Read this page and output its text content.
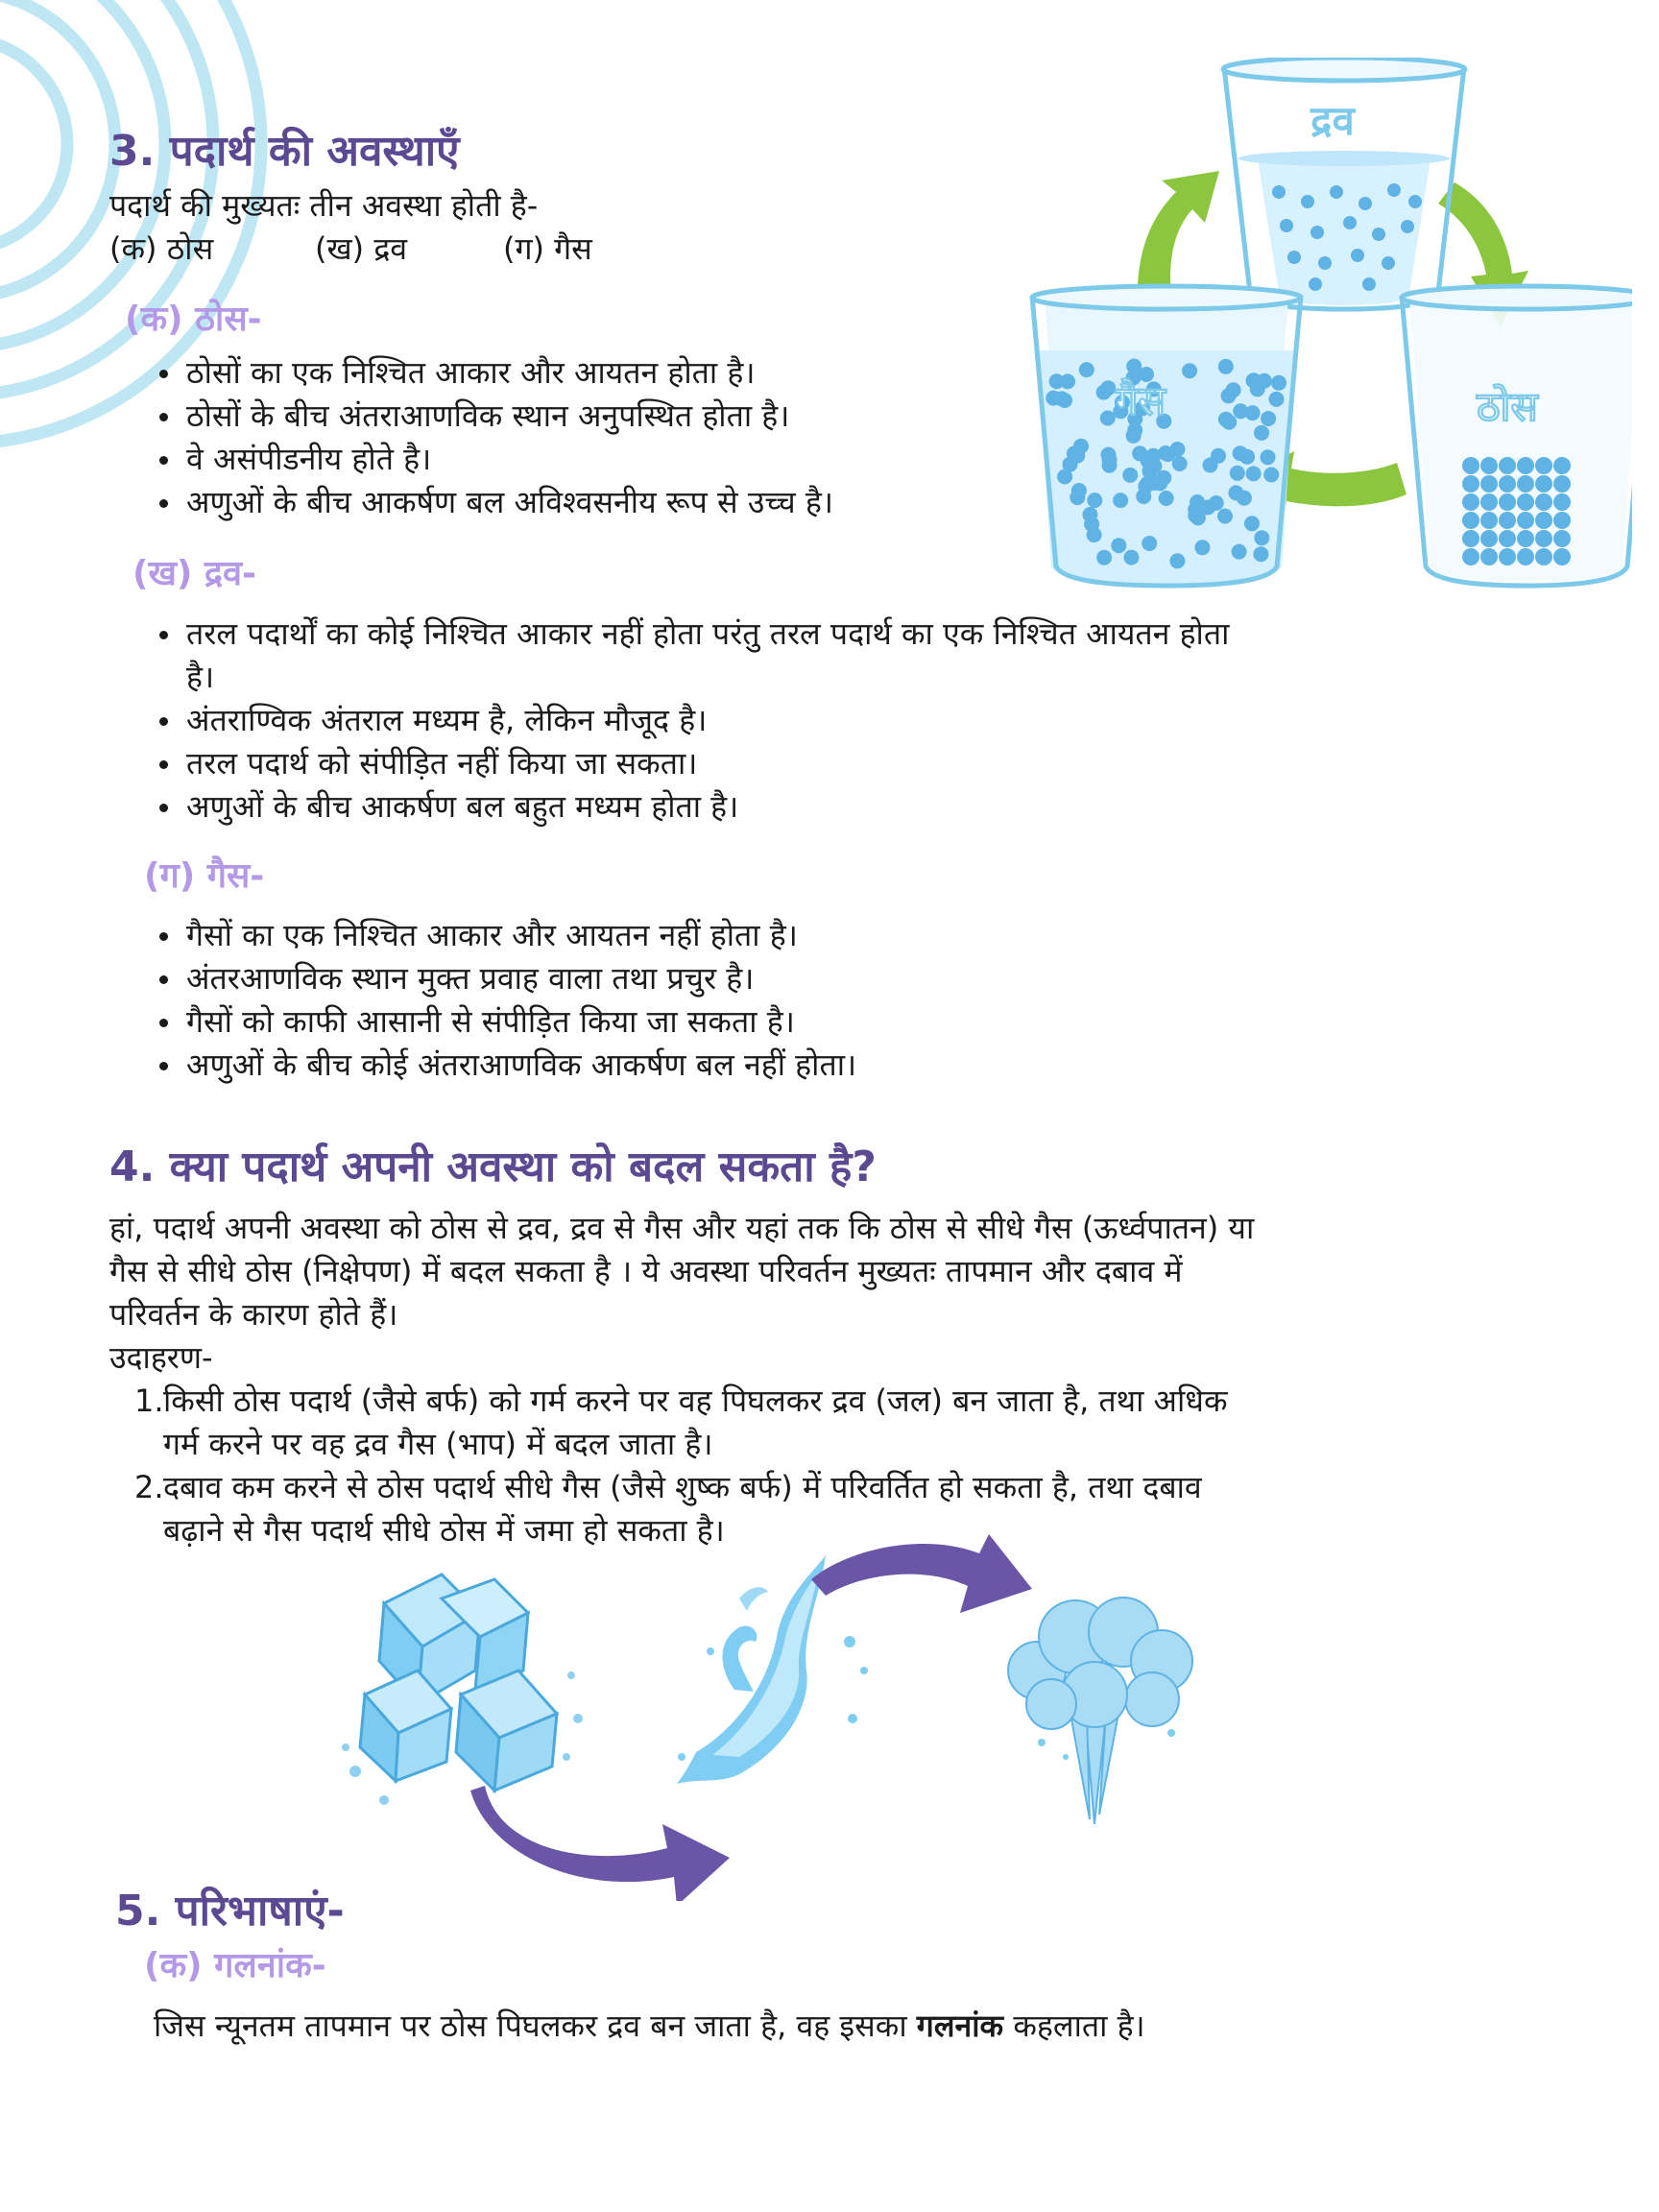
3. पदार्थ की अवस्थाएँ

पदार्थ की मुख्यतः तीन अवस्था होती है-

(क) ठोस	(ख) द्रव	(ग) गैस
(क) ठोस-
ठोसों का एक निश्चित आकार और आयतन होता है।
ठोसों के बीच अंतराआणविक स्थान अनुपस्थित होता है।
वे असंपीडनीय होते है।
अणुओं के बीच आकर्षण बल अविश्वसनीय रूप से उच्च है।
(ख) द्रव-
तरल पदार्थों का कोई निश्चित आकार नहीं होता परंतु तरल पदार्थ का एक निश्चित आयतन होता है।
अंतराण्विक अंतराल मध्यम है, लेकिन मौजूद है।
तरल पदार्थ को संपीड़ित नहीं किया जा सकता।
अणुओं के बीच आकर्षण बल बहुत मध्यम होता है।
(ग) गैस-
गैसों का एक निश्चित आकार और आयतन नहीं होता है।
अंतरआणविक स्थान मुक्त प्रवाह वाला तथा प्रचुर है।
गैसों को काफी आसानी से संपीड़ित किया जा सकता है।
अणुओं के बीच कोई अंतराआणविक आकर्षण बल नहीं होता।
द्रव
गैस	ठोस
4. क्या पदार्थ अपनी अवस्था को बदल सकता है?
हां, पदार्थ अपनी अवस्था को ठोस से द्रव, द्रव से गैस और यहां तक कि ठोस से सीधे गैस (ऊर्ध्वपातन) या
गैस से सीधे ठोस (निक्षेपण) में बदल सकता है । ये अवस्था परिवर्तन मुख्यतः तापमान और दबाव में
परिवर्तन के कारण होते हैं।
उदाहरण-
1. किसी ठोस पदार्थ (जैसे बर्फ) को गर्म करने पर वह पिघलकर द्रव (जल) बन जाता है, तथा अधिक
गर्म करने पर वह द्रव गैस (भाप) में बदल जाता है।
2. दबाव कम करने से ठोस पदार्थ सीधे गैस (जैसे शुष्क बर्फ) में परिवर्तित हो सकता है, तथा दबाव
बढ़ाने से गैस पदार्थ सीधे ठोस में जमा हो सकता है।
5. परिभाषाएं-
(क) गलनांक-

जिस न्यूनतम तापमान पर ठोस पिघलकर द्रव बन जाता है, वह इसका गलनांक कहलाता है।
